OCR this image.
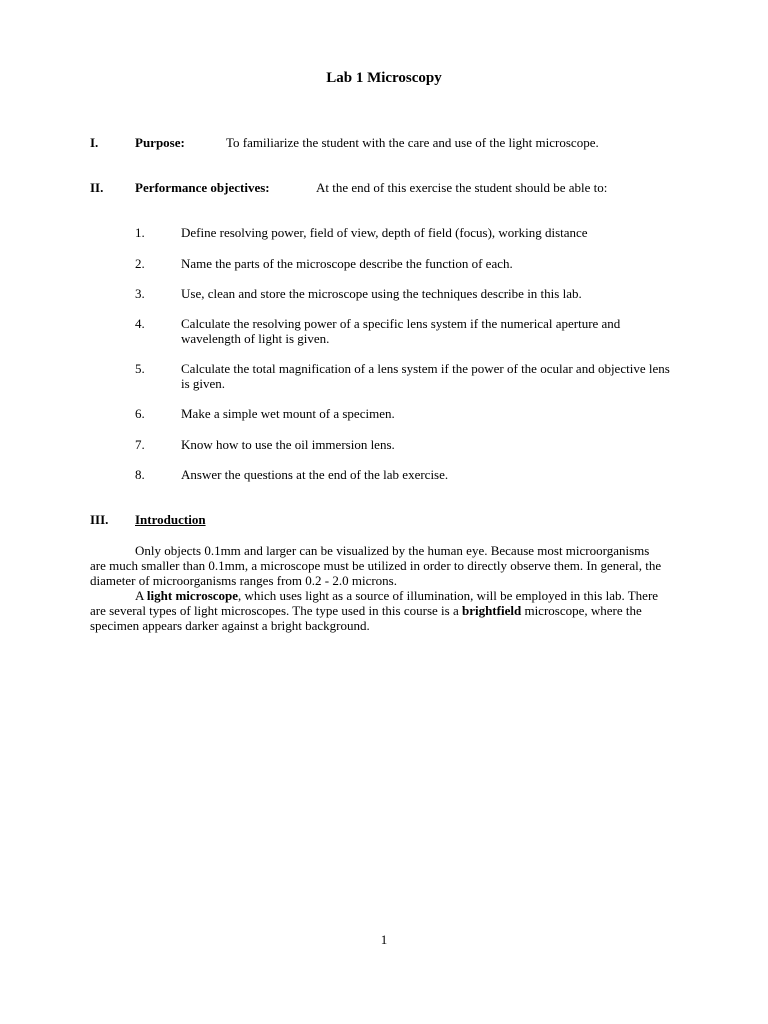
Lab 1 Microscopy
I.	Purpose:	To familiarize the student with the care and use of the light microscope.
II. Performance objectives:	At the end of this exercise the student should be able to:
1.	Define resolving power, field of view, depth of field (focus), working distance
2.	Name the parts of the microscope describe the function of each.
3.	Use, clean and store the microscope using the techniques describe in this lab.
4.	Calculate the resolving power of a specific lens system if the numerical aperture and wavelength of light is given.
5.	Calculate the total magnification of a lens system if the power of the ocular and objective lens is given.
6.	Make a simple wet mount of a specimen.
7.	Know how to use the oil immersion lens.
8.	Answer the questions at the end of the lab exercise.
III. Introduction

Only objects 0.1mm and larger can be visualized by the human eye. Because most microorganisms are much smaller than 0.1mm, a microscope must be utilized in order to directly observe them. In general, the diameter of microorganisms ranges from 0.2 - 2.0 microns.

A light microscope, which uses light as a source of illumination, will be employed in this lab. There are several types of light microscopes. The type used in this course is a brightfield microscope, where the specimen appears darker against a bright background.

1
